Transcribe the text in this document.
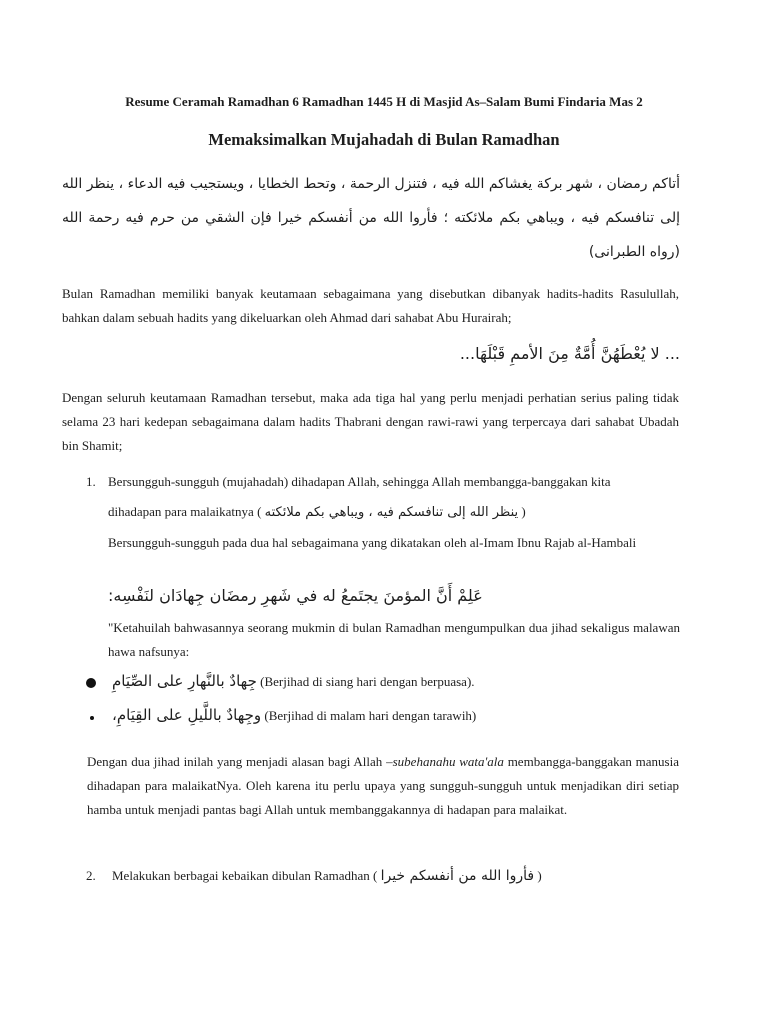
Resume Ceramah Ramadhan 6 Ramadhan 1445 H di Masjid As–Salam Bumi Findaria Mas 2
Memaksimalkan Mujahadah di Bulan Ramadhan
أتاكم رمضان ، شهر بركة يغشاكم الله فيه ، فتنزل الرحمة ، وتحط الخطايا ، ويستجيب فيه الدعاء ، ينظر الله إلى تنافسكم فيه ، ويباهي بكم ملائكته ؛ فأروا الله من أنفسكم خيرا فإن الشقي من حرم فيه رحمة الله (رواه الطبرانى)
Bulan Ramadhan memiliki banyak keutamaan sebagaimana yang disebutkan dibanyak hadits-hadits Rasulullah, bahkan dalam sebuah hadits yang dikeluarkan oleh Ahmad dari sahabat Abu Hurairah;
... لا يُعْطَهُنَّ أُمَّةٌ مِنَ الأممِ قَبْلَهَا...
Dengan seluruh keutamaan Ramadhan tersebut, maka ada tiga hal yang perlu menjadi perhatian serius paling tidak selama 23 hari kedepan sebagaimana dalam hadits Thabrani dengan rawi-rawi yang terpercaya dari sahabat Ubadah bin Shamit;
1. Bersungguh-sungguh (mujahadah) dihadapan Allah, sehingga Allah membangga-banggakan kita
dihadapan para malaikatnya ( ينظر الله إلى تنافسكم فيه ، ويباهي بكم ملائكته )
Bersungguh-sungguh pada dua hal sebagaimana yang dikatakan oleh al-Imam Ibnu Rajab al-Hambali
عَلِمْ أَنَّ المؤمنَ يجتَمعُ له في شَهرِ رمضَان جِهادَان لنَفْسِه:
"Ketahuilah bahwasannya seorang mukmin di bulan Ramadhan mengumpulkan dua jihad sekaligus malawan hawa nafsunya:
جِهادٌ بالنَّهارِ على الصِّيَامِ (Berjihad di siang hari dengan berpuasa).
وجِهادٌ باللَّيلِ على القِيَامِ، (Berjihad di malam hari dengan tarawih)
Dengan dua jihad inilah yang menjadi alasan bagi Allah –subehanahu wata'ala membangga-banggakan manusia dihadapan para malaikatNya. Oleh karena itu perlu upaya yang sungguh-sungguh untuk menjadikan diri setiap hamba untuk menjadi pantas bagi Allah untuk membanggakannya di hadapan para malaikat.
2. Melakukan berbagai kebaikan dibulan Ramadhan ( فأروا الله من أنفسكم خيرا )
